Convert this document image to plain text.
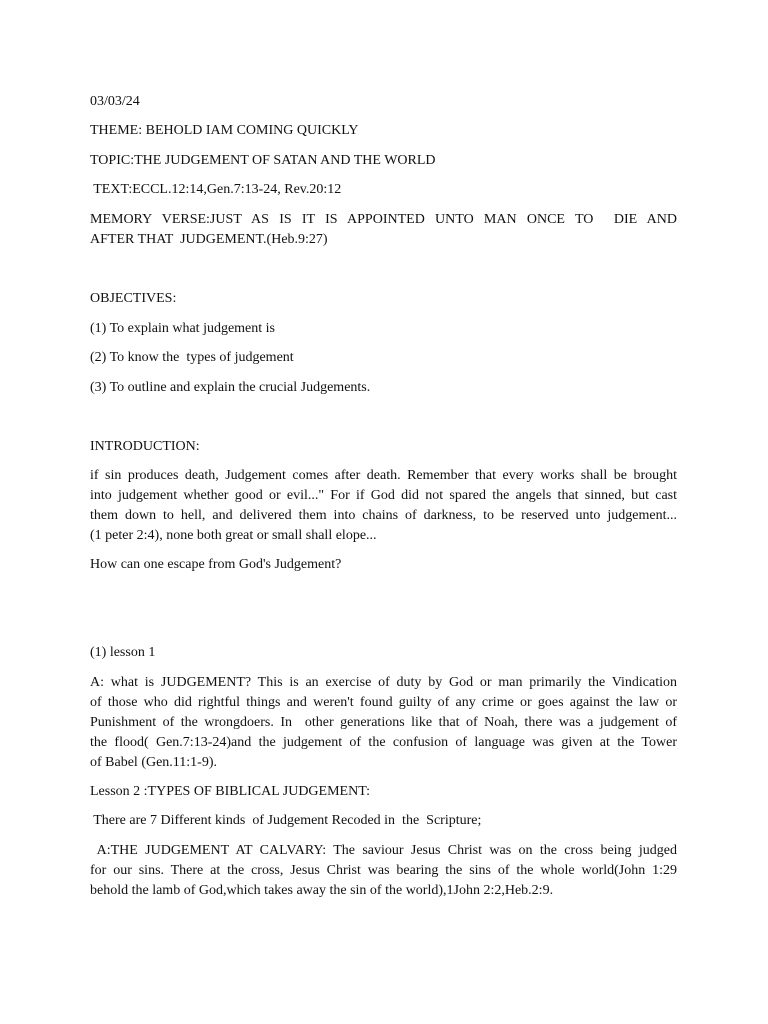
03/03/24

THEME: BEHOLD IAM COMING QUICKLY

TOPIC:THE JUDGEMENT OF SATAN AND THE WORLD

TEXT:ECCL.12:14,Gen.7:13-24, Rev.20:12

MEMORY VERSE:JUST AS IS IT IS APPOINTED UNTO MAN ONCE TO  DIE AND

AFTER THAT  JUDGEMENT.(Heb.9:27)

OBJECTIVES:

(1) To explain what judgement is

(2) To know the  types of judgement

(3) To outline and explain the crucial Judgements.

INTRODUCTION:

if sin produces death, Judgement comes after death. Remember that every works shall be brought

into judgement whether good or evil..." For if God did not spared the angels that sinned, but cast

them down to hell, and delivered them into chains of darkness, to be reserved unto judgement...

(1 peter 2:4), none both great or small shall elope...

How can one escape from God's Judgement?

(1) lesson 1

A: what is JUDGEMENT? This is an exercise of duty by God or man primarily the Vindication

of those who did rightful things and weren't found guilty of any crime or goes against the law or

Punishment of the wrongdoers. In  other generations like that of Noah, there was a judgement of

the flood( Gen.7:13-24)and the judgement of the confusion of language was given at the Tower

of Babel (Gen.11:1-9).

Lesson 2 :TYPES OF BIBLICAL JUDGEMENT:

There are 7 Different kinds  of Judgement Recoded in  the  Scripture;

A:THE JUDGEMENT AT CALVARY: The saviour Jesus Christ was on the cross being judged

for our sins. There at the cross, Jesus Christ was bearing the sins of the whole world(John 1:29

behold the lamb of God,which takes away the sin of the world),1John 2:2,Heb.2:9.
